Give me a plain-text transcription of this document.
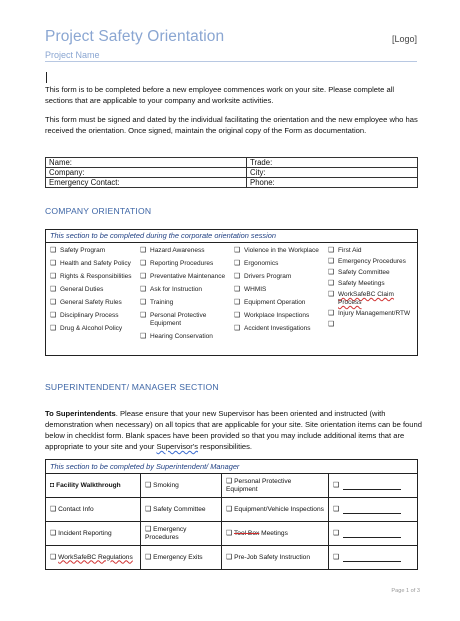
Project Safety Orientation	[Logo]
Project Name

This form is to be completed before a new employee commences work on your site. Please complete all sections that are applicable to your company and worksite activities.

This form must be signed and dated by the individual facilitating the orientation and the new employee who has received the orientation. Once signed, maintain the original copy of the Form as documentation.

Name:	Trade:
Company:	City:
Emergency Contact:	Phone:
COMPANY ORIENTATION
This section to be completed during the corporate orientation session
❑ Safety Program
❑ Health and Safety Policy
❑ Rights & Responsibilities
❑ General Duties
❑ General Safety Rules
❑ Disciplinary Process
❑ Drug & Alcohol Policy
❑ Hazard Awareness
❑ Reporting Procedures
❑ Preventative Maintenance
❑ Ask for Instruction
❑ Training
❑ Personal Protective Equipment
❑ Hearing Conservation
❑ Violence in the Workplace
❑ Ergonomics
❑ Drivers Program
❑ WHMIS
❑ Equipment Operation
❑ Workplace Inspections
❑ Accident Investigations
❑ First Aid
❑ Emergency Procedures
❑ Safety Committee
❑ Safety Meetings
❑ WorkSafeBC Claim Process
❑ Injury Management/RTW
❑
SUPERINTENDENT/ MANAGER SECTION

To Superintendents. Please ensure that your new Supervisor has been oriented and instructed (with demonstration when necessary) on all topics that are applicable for your site. Site orientation items can be found below in checklist form. Blank spaces have been provided so that you may include additional items that are appropriate to your site and your Supervisor's responsibilities.

This section to be completed by Superintendent/ Manager
◘ Facility Walkthrough	❑ Smoking	❑ Personal Protective Equipment	❑
❑ Contact Info	❑ Safety Committee	❑ Equipment/Vehicle Inspections	❑
❑ Incident Reporting	❑ Emergency Procedures	❑ Tool Box Meetings	❑
❑ WorkSafeBC Regulations	❑ Emergency Exits	❑ Pre-Job Safety Instruction	❑
Page 1 of 3
